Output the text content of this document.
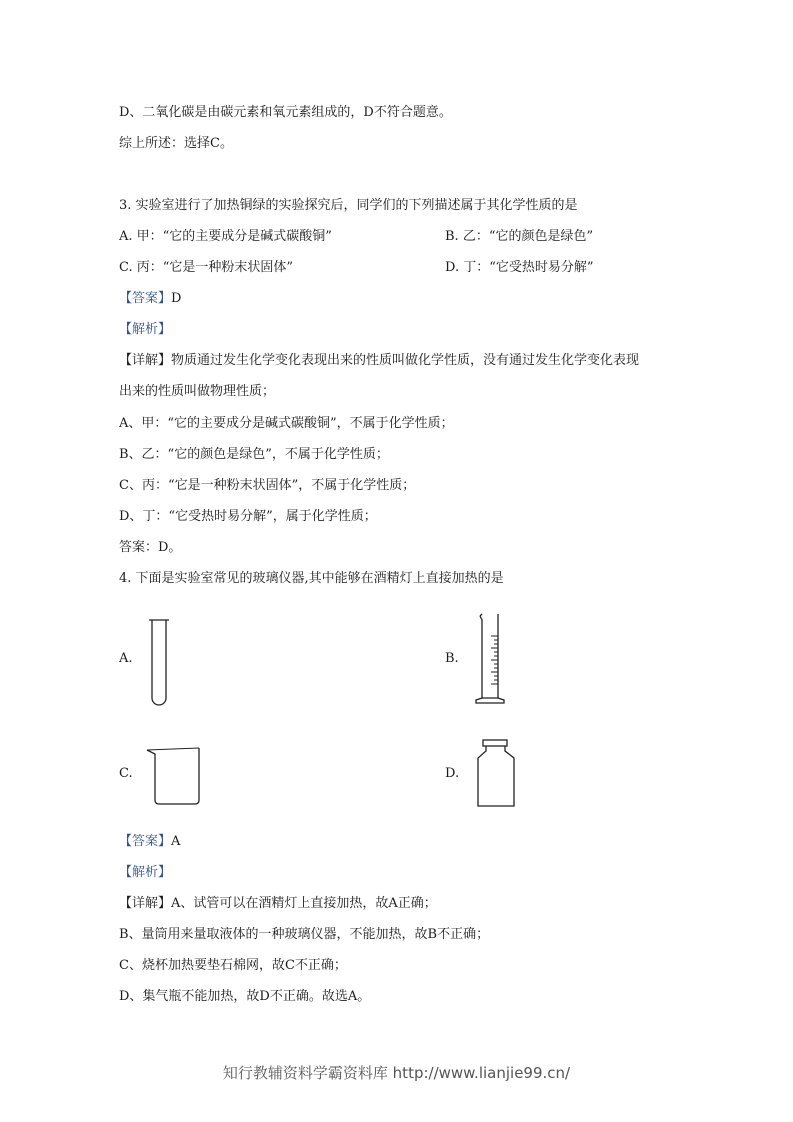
D、二氧化碳是由碳元素和氧元素组成的，D不符合题意。
综上所述：选择C。
3. 实验室进行了加热铜绿的实验探究后，同学们的下列描述属于其化学性质的是
A. 甲：“它的主要成分是碱式碳酸铜”	B. 乙：“它的颜色是绿色”
C. 丙：“它是一种粉末状固体”	D. 丁：“它受热时易分解”
【答案】D
【解析】
【详解】物质通过发生化学变化表现出来的性质叫做化学性质，没有通过发生化学变化表现
出来的性质叫做物理性质；
A、甲：“它的主要成分是碱式碳酸铜”，不属于化学性质；
B、乙：“它的颜色是绿色”，不属于化学性质；
C、丙：“它是一种粉末状固体”，不属于化学性质；
D、丁：“它受热时易分解”，属于化学性质；
答案：D。
4. 下面是实验室常见的玻璃仪器,其中能够在酒精灯上直接加热的是
A.	B.
C.	D.
【答案】A
【解析】
【详解】A、试管可以在酒精灯上直接加热，故A正确；
B、量筒用来量取液体的一种玻璃仪器，不能加热，故B不正确；
C、烧杯加热要垫石棉网，故C不正确；
D、集气瓶不能加热，故D不正确。故选A。
知行教辅资料学霸资料库 http://www.lianjie99.cn/
